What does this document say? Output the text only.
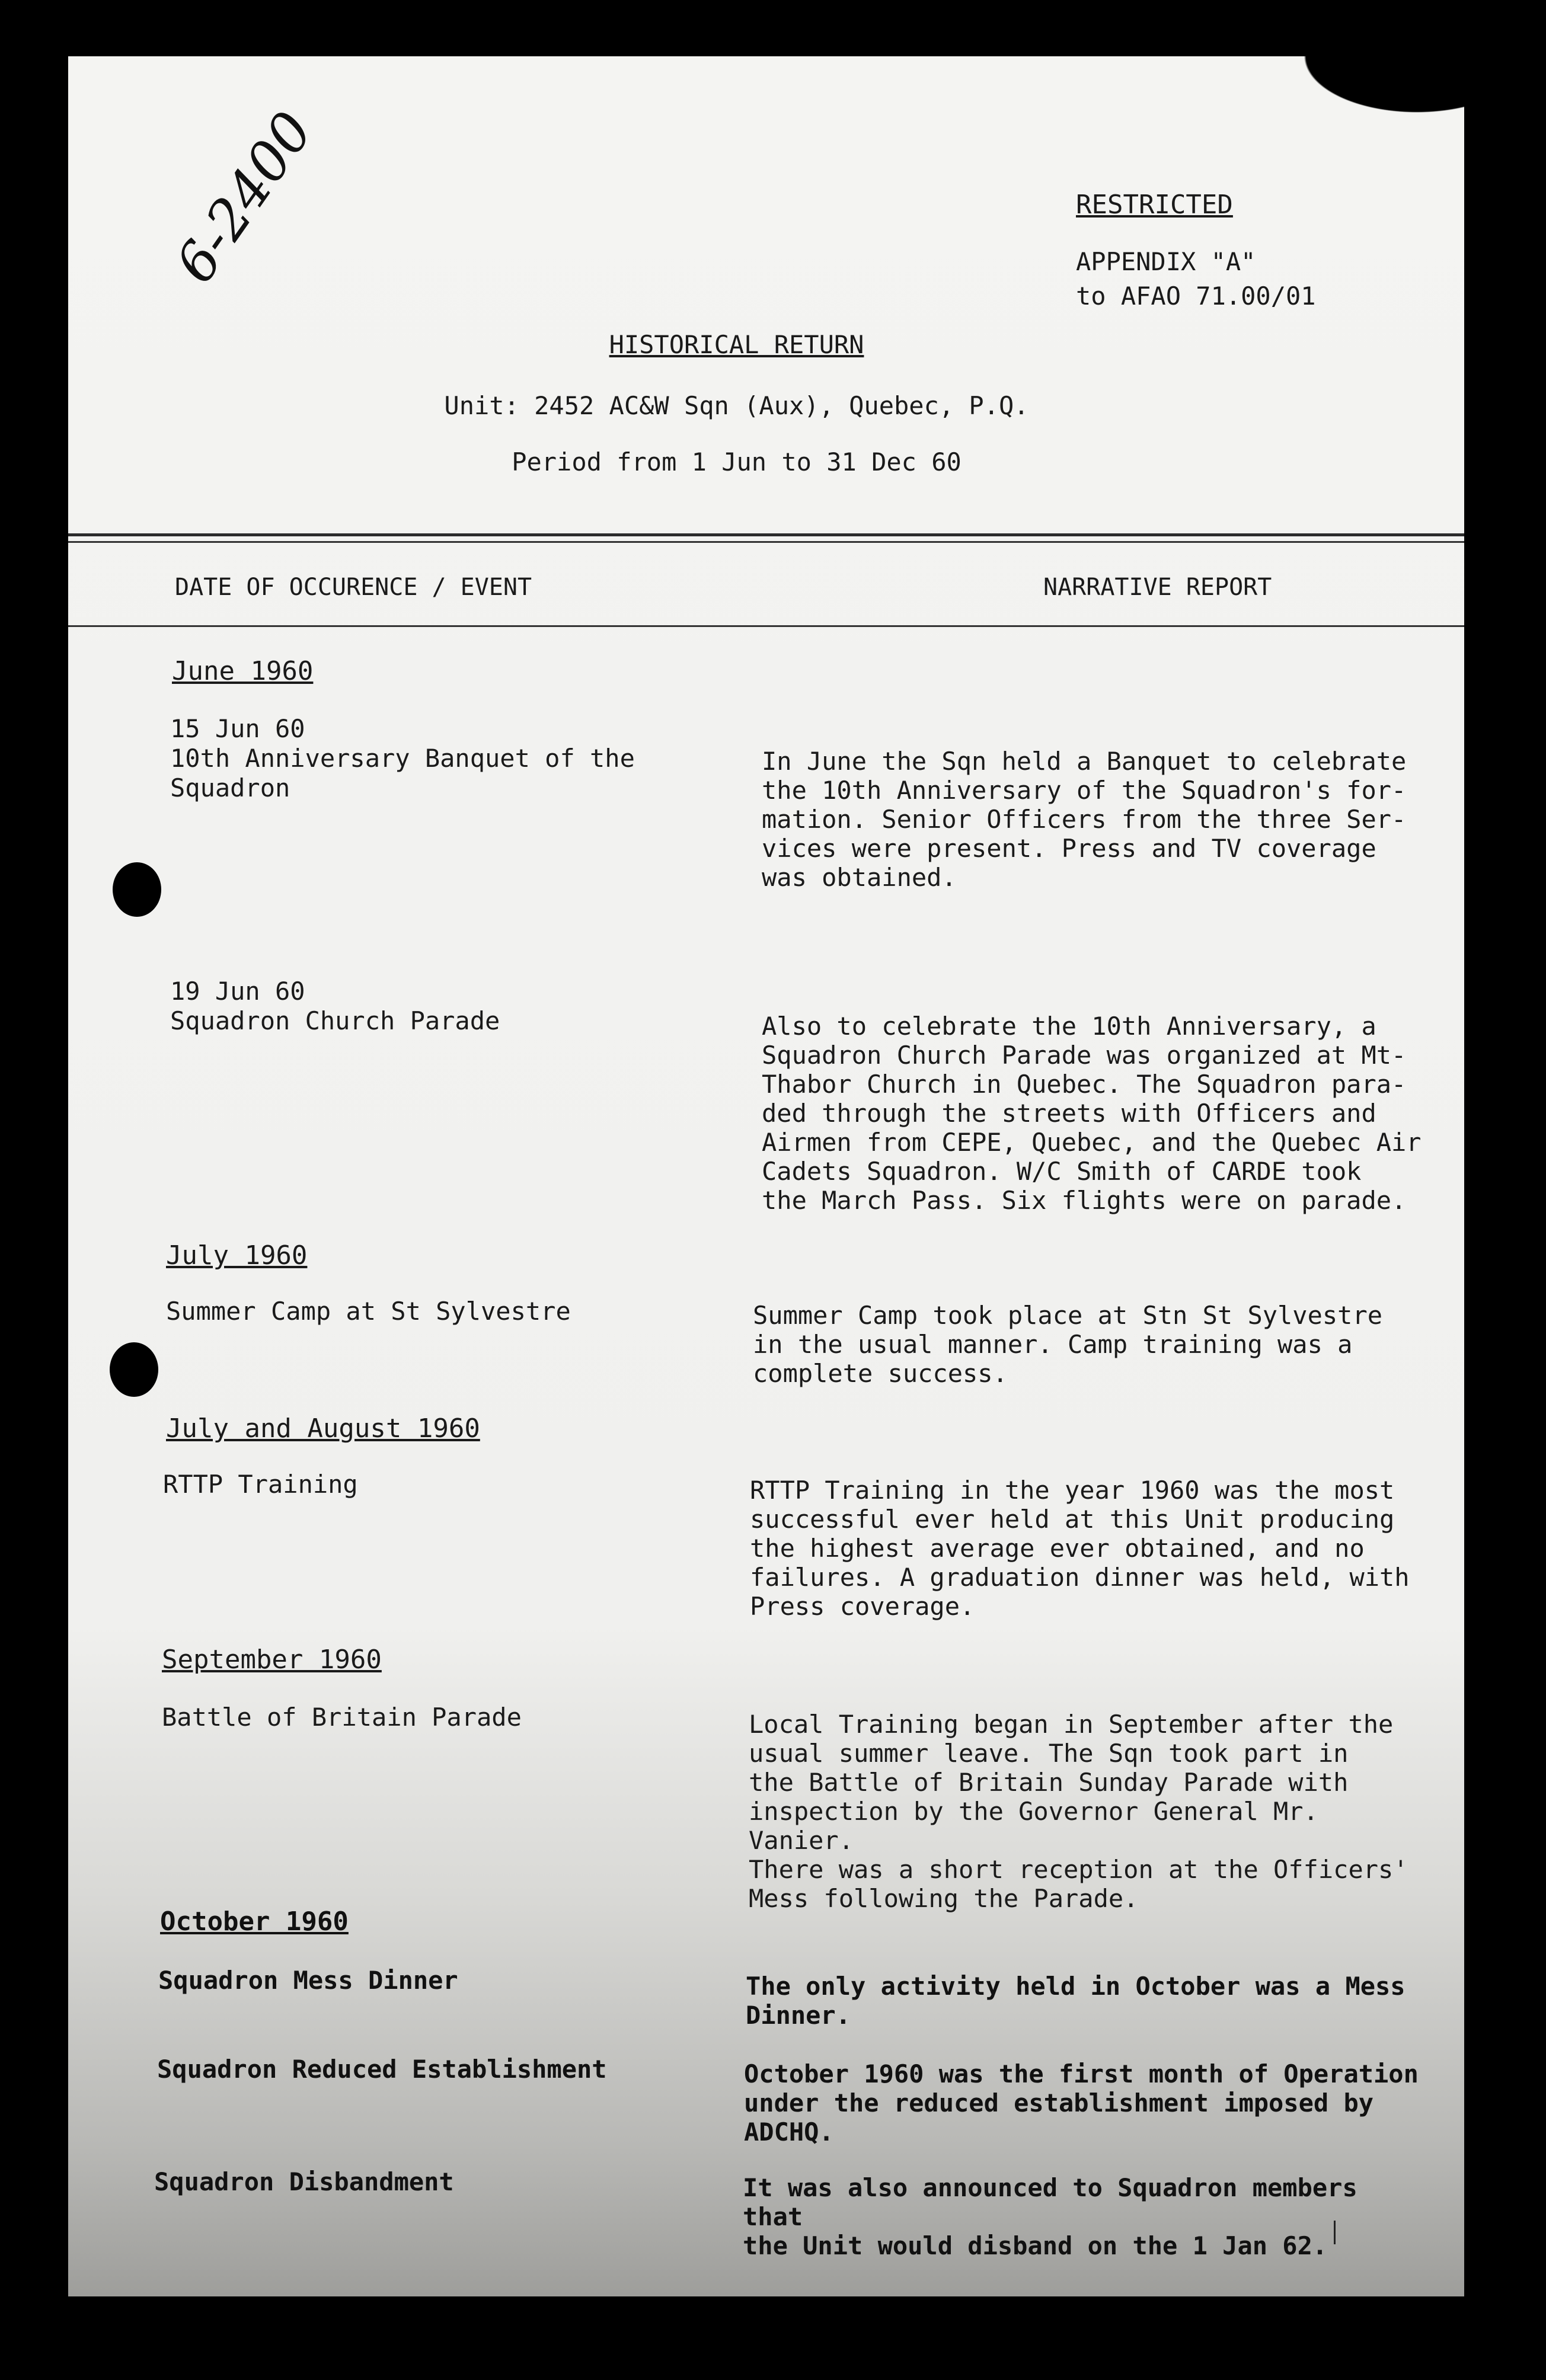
6-2400	RESTRICTED
APPENDIX "A"
to AFAO 71.00/01
HISTORICAL RETURN
Unit: 2452 AC&W Sqn (Aux), Quebec, P.Q.
Period from 1 Jun to 31 Dec 60
DATE OF OCCURENCE / EVENT	NARRATIVE REPORT
June 1960
15 Jun 60
10th Anniversary Banquet of the
Squadron
In June the Sqn held a Banquet to celebrate
the 10th Anniversary of the Squadron's for-
mation. Senior Officers from the three Ser-
vices were present. Press and TV coverage
was obtained.
19 Jun 60
Squadron Church Parade	Also to celebrate the 10th Anniversary, a
Squadron Church Parade was organized at Mt-
Thabor Church in Quebec. The Squadron para-
ded through the streets with Officers and
Airmen from CEPE, Quebec, and the Quebec Air
Cadets Squadron. W/C Smith of CARDE took
the March Pass. Six flights were on parade.
July 1960
Summer Camp at St Sylvestre	Summer Camp took place at Stn St Sylvestre
in the usual manner. Camp training was a
complete success.
July and August 1960
RTTP Training	RTTP Training in the year 1960 was the most
successful ever held at this Unit producing
the highest average ever obtained, and no
failures. A graduation dinner was held, with
Press coverage.
September 1960
Battle of Britain Parade	Local Training began in September after the
usual summer leave. The Sqn took part in
the Battle of Britain Sunday Parade with
inspection by the Governor General Mr. Vanier.
There was a short reception at the Officers'
Mess following the Parade.
October 1960
Squadron Mess Dinner	The only activity held in October was a Mess
Dinner.
Squadron Reduced Establishment	October 1960 was the first month of Operation
under the reduced establishment imposed by
ADCHQ.
Squadron Disbandment	It was also announced to Squadron members that
the Unit would disband on the 1 Jan 62.
